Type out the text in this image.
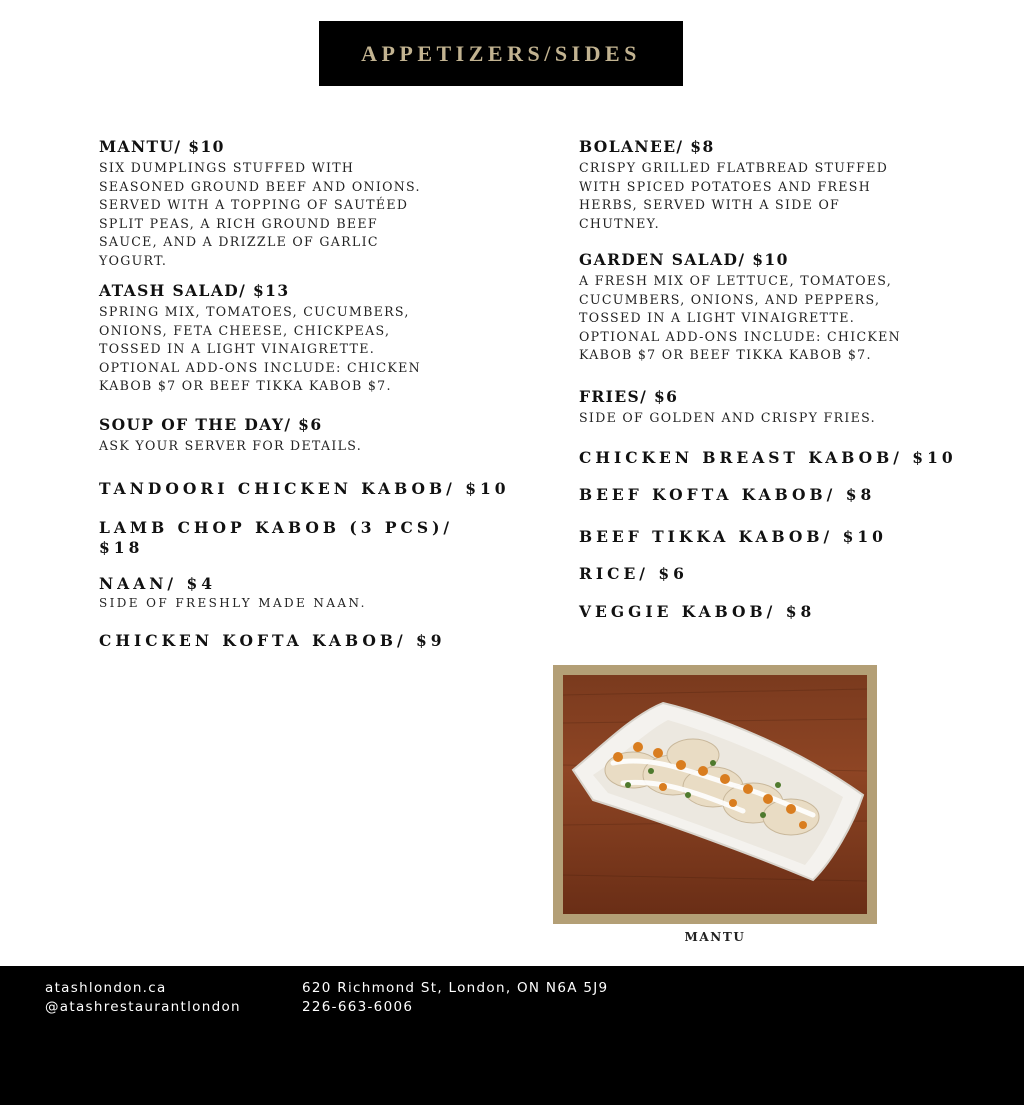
APPETIZERS/SIDES
MANTU/ $10
SIX DUMPLINGS STUFFED WITH SEASONED GROUND BEEF AND ONIONS. SERVED WITH A TOPPING OF SAUTÉED SPLIT PEAS, A RICH GROUND BEEF SAUCE, AND A DRIZZLE OF GARLIC YOGURT.
ATASH SALAD/ $13
SPRING MIX, TOMATOES, CUCUMBERS, ONIONS, FETA CHEESE, CHICKPEAS, TOSSED IN A LIGHT VINAIGRETTE. OPTIONAL ADD-ONS INCLUDE: CHICKEN KABOB $7 OR BEEF TIKKA KABOB $7.
SOUP OF THE DAY/ $6
ASK YOUR SERVER FOR DETAILS.
TANDOORI CHICKEN KABOB/ $10
LAMB CHOP KABOB (3 PCS)/ $18
NAAN/ $4
SIDE OF FRESHLY MADE NAAN.
CHICKEN KOFTA KABOB/ $9
BOLANEE/ $8
CRISPY GRILLED FLATBREAD STUFFED WITH SPICED POTATOES AND FRESH HERBS, SERVED WITH A SIDE OF CHUTNEY.
GARDEN SALAD/ $10
A FRESH MIX OF LETTUCE, TOMATOES, CUCUMBERS, ONIONS, AND PEPPERS, TOSSED IN A LIGHT VINAIGRETTE. OPTIONAL ADD-ONS INCLUDE: CHICKEN KABOB $7 OR BEEF TIKKA KABOB $7.
FRIES/ $6
SIDE OF GOLDEN AND CRISPY FRIES.
CHICKEN BREAST KABOB/ $10
BEEF KOFTA KABOB/ $8
BEEF TIKKA KABOB/ $10
RICE/ $6
VEGGIE KABOB/ $8
MANTU
atashlondon.ca
@atashrestaurantlondon
620 Richmond St, London, ON N6A 5J9
226-663-6006
